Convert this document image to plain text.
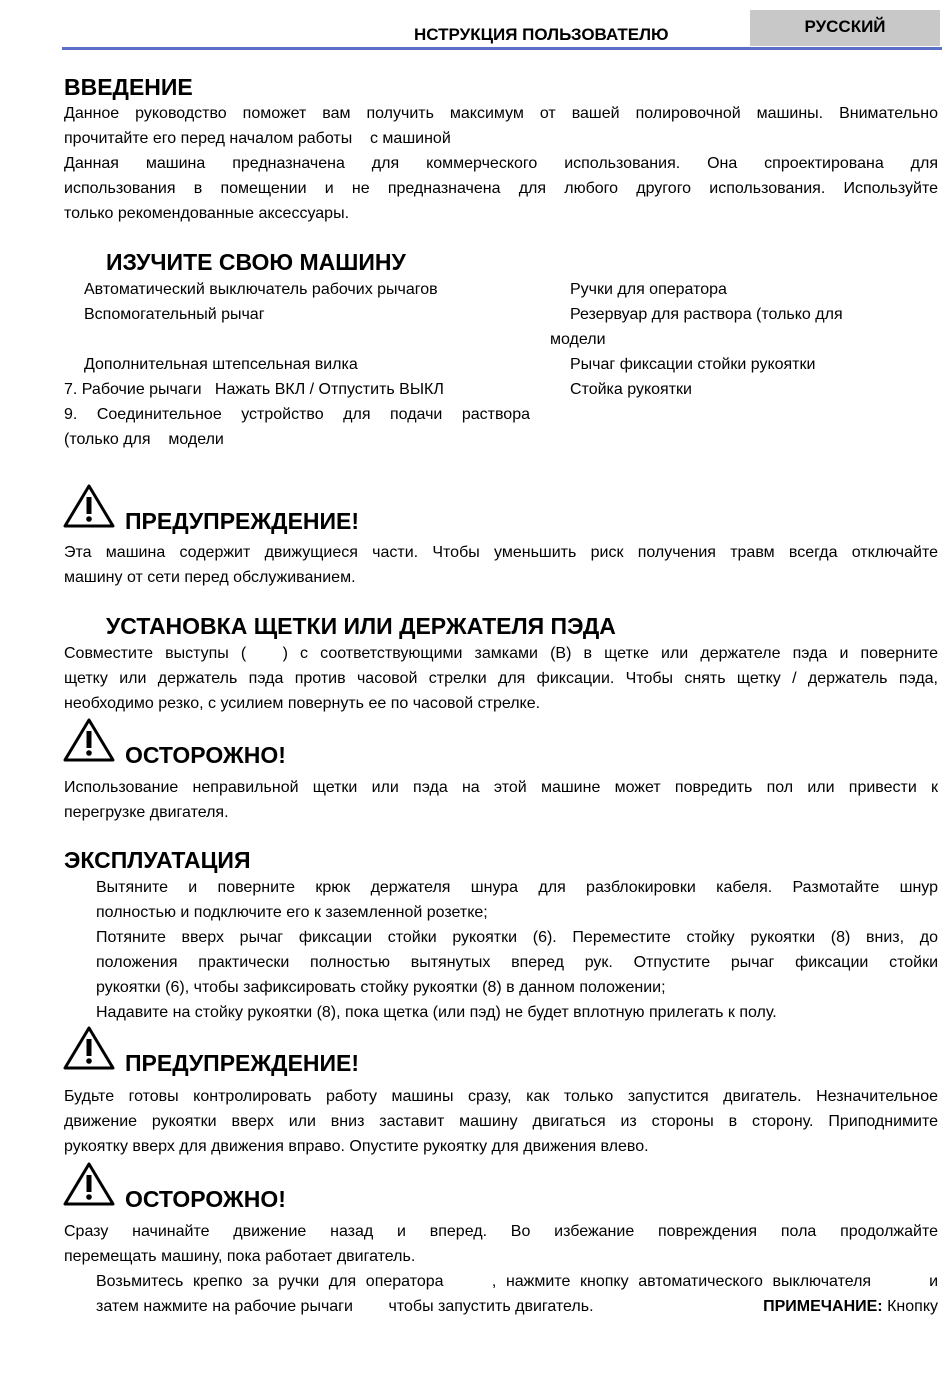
НСТРУКЦИЯ ПОЛЬЗОВАТЕЛЮ	РУССКИЙ
ВВЕДЕНИЕ
Данное руководство поможет вам получить максимум от вашей полировочной машины. Внимательно
прочитайте его перед началом работы    с машиной
Данная машина предназначена для коммерческого использования. Она спроектирована для
использования в помещении и не предназначена для любого другого использования. Используйте
только рекомендованные аксессуары.
ИЗУЧИТЕ СВОЮ МАШИНУ
Автоматический выключатель рабочих рычагов
Вспомогательный рычаг
Дополнительная штепсельная вилка
7. Рабочие рычаги   Нажать ВКЛ / Отпустить ВЫКЛ
9. Соединительное устройство для подачи раствора
(только для    модели
Ручки для оператора
Резервуар для раствора (только для
модели
Рычаг фиксации стойки рукоятки
Стойка рукоятки
ПРЕДУПРЕЖДЕНИЕ!
Эта машина содержит движущиеся части. Чтобы уменьшить риск получения травм всегда отключайте
машину от сети перед обслуживанием.
УСТАНОВКА ЩЕТКИ ИЛИ ДЕРЖАТЕЛЯ ПЭДА
Совместите выступы (   ) с соответствующими замками (B) в щетке или держателе пэда и поверните
щетку или держатель пэда против часовой стрелки для фиксации. Чтобы снять щетку / держатель пэда,
необходимо резко, с усилием повернуть ее по часовой стрелке.
ОСТОРОЖНО!
Использование неправильной щетки или пэда на этой машине может повредить пол или привести к
перегрузке двигателя.
ЭКСПЛУАТАЦИЯ
Вытяните и поверните крюк держателя шнура для разблокировки кабеля. Размотайте шнур
полностью и подключите его к заземленной розетке;
Потяните вверх рычаг фиксации стойки рукоятки (6). Переместите стойку рукоятки (8) вниз, до
положения практически полностью вытянутых вперед рук. Отпустите рычаг фиксации стойки
рукоятки (6), чтобы зафиксировать стойку рукоятки (8) в данном положении;
Надавите на стойку рукоятки (8), пока щетка (или пэд) не будет вплотную прилегать к полу.
ПРЕДУПРЕЖДЕНИЕ!
Будьте готовы контролировать работу машины сразу, как только запустится двигатель. Незначительное
движение рукоятки вверх или вниз заставит машину двигаться из стороны в сторону. Приподнимите
рукоятку вверх для движения вправо. Опустите рукоятку для движения влево.
ОСТОРОЖНО!
Сразу начинайте движение назад и вперед. Во избежание повреждения пола продолжайте
перемещать машину, пока работает двигатель.
Возьмитесь крепко за ручки для оператора     , нажмите кнопку автоматического выключателя      и
затем нажмите на рабочие рычаги        чтобы запустить двигатель.	ПРИМЕЧАНИЕ: Кнопку
